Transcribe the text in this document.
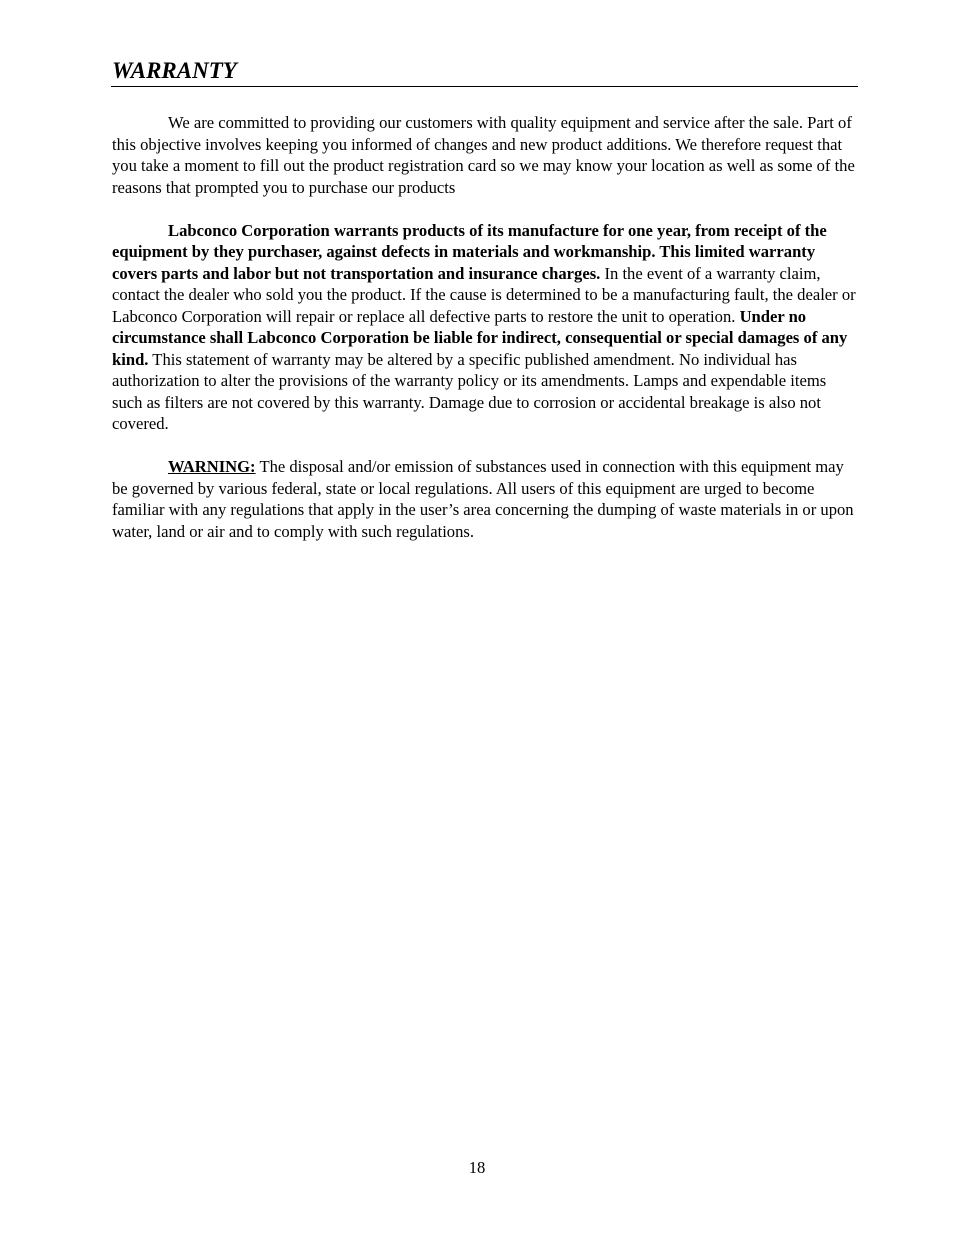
WARRANTY

We are committed to providing our customers with quality equipment and service after the sale. Part of this objective involves keeping you informed of changes and new product additions. We therefore request that you take a moment to fill out the product registration card so we may know your location as well as some of the reasons that prompted you to purchase our products

Labconco Corporation warrants products of its manufacture for one year, from receipt of the equipment by they purchaser, against defects in materials and workmanship. This limited warranty covers parts and labor but not transportation and insurance charges. In the event of a warranty claim, contact the dealer who sold you the product. If the cause is determined to be a manufacturing fault, the dealer or Labconco Corporation will repair or replace all defective parts to restore the unit to operation. Under no circumstance shall Labconco Corporation be liable for indirect, consequential or special damages of any kind. This statement of warranty may be altered by a specific published amendment. No individual has authorization to alter the provisions of the warranty policy or its amendments. Lamps and expendable items such as filters are not covered by this warranty. Damage due to corrosion or accidental breakage is also not covered.

WARNING: The disposal and/or emission of substances used in connection with this equipment may be governed by various federal, state or local regulations. All users of this equipment are urged to become familiar with any regulations that apply in the user’s area concerning the dumping of waste materials in or upon water, land or air and to comply with such regulations.

18
